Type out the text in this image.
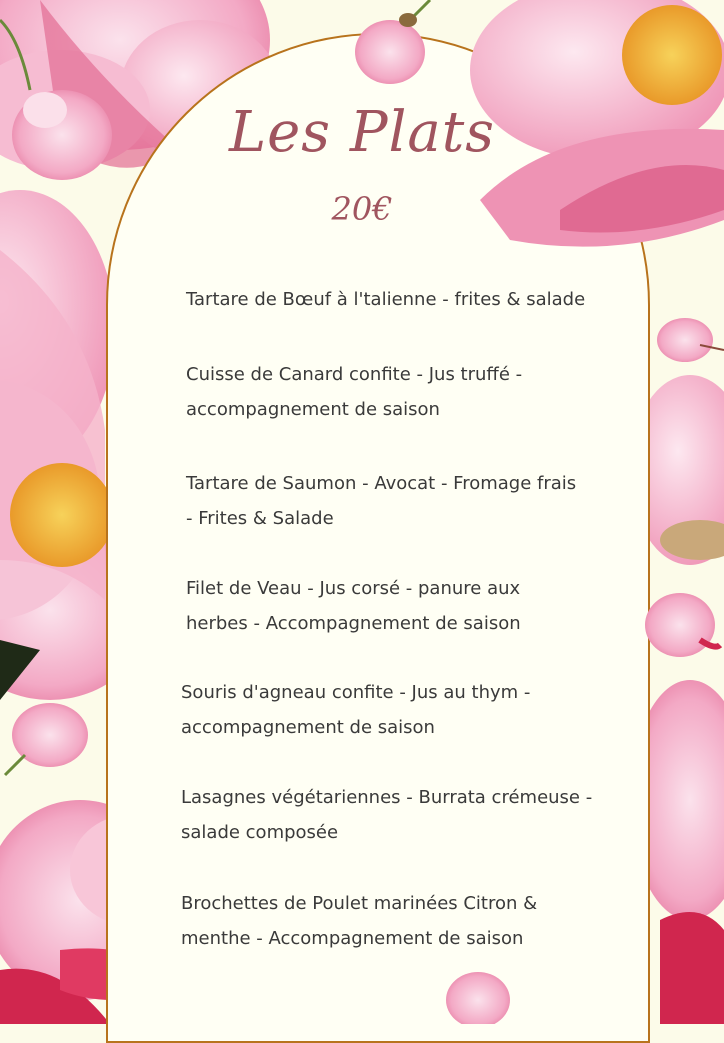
Les Plats
20€
Tartare de Bœuf à l'talienne - frites & salade
Cuisse de Canard confite - Jus truffé -
accompagnement de saison
Tartare de Saumon - Avocat - Fromage frais
- Frites & Salade
Filet de Veau - Jus corsé - panure aux
herbes - Accompagnement de saison
Souris d'agneau confite - Jus au thym -
accompagnement de saison
Lasagnes végétariennes - Burrata crémeuse -
salade composée
Brochettes de Poulet marinées Citron &
menthe - Accompagnement de saison
